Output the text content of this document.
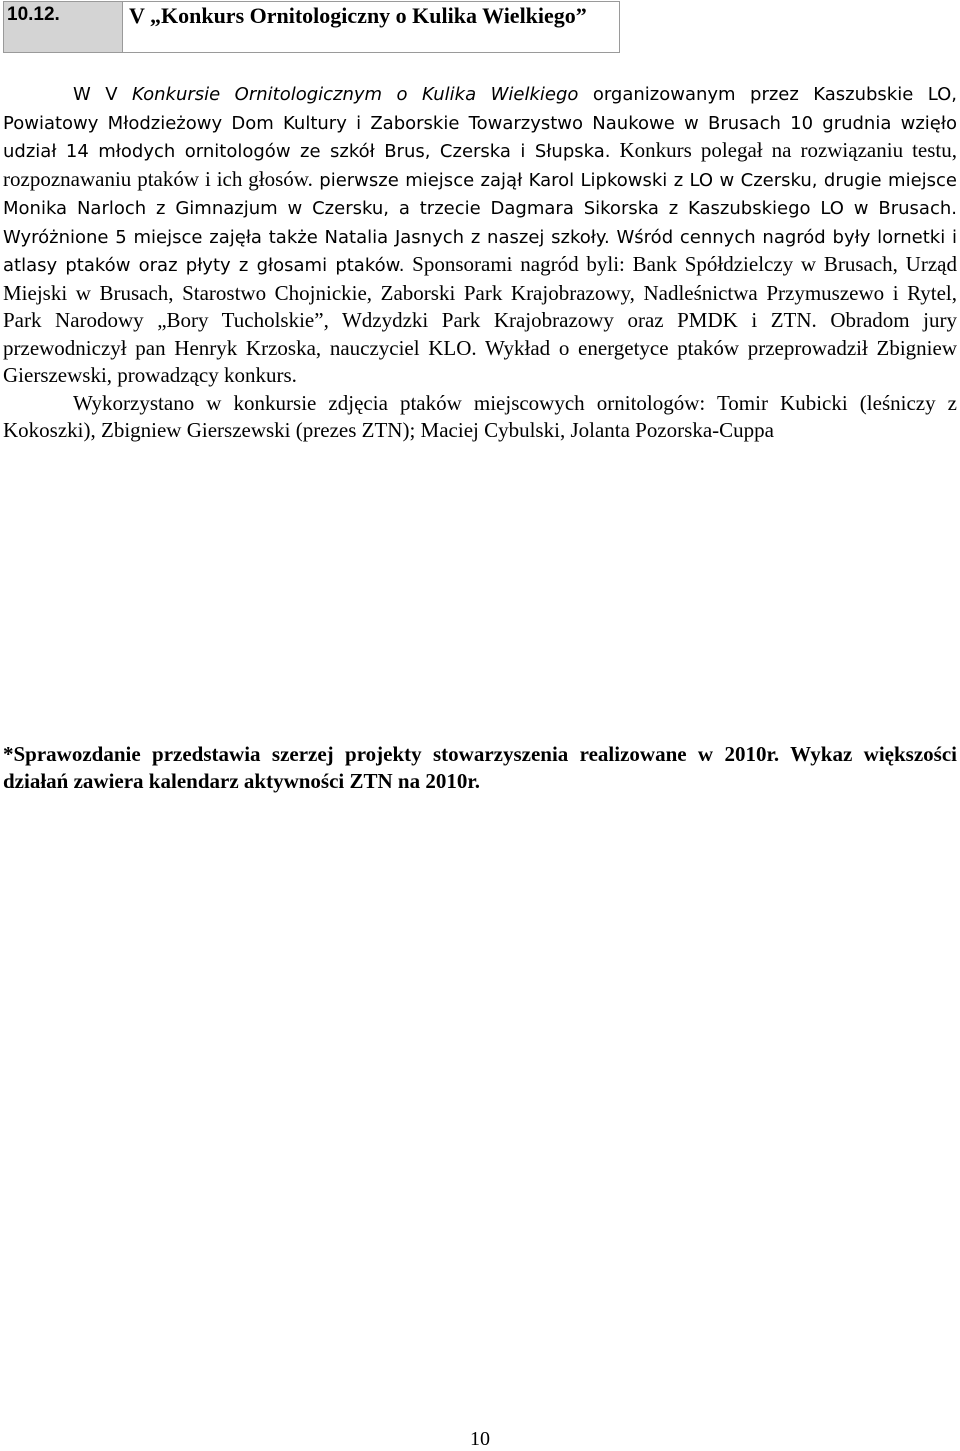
10.12.	V „Konkurs Ornitologiczny o Kulika Wielkiego”

W V Konkursie Ornitologicznym o Kulika Wielkiego organizowanym przez Kaszubskie LO, Powiatowy Młodzieżowy Dom Kultury i Zaborskie Towarzystwo Naukowe w Brusach 10 grudnia wzięło udział 14 młodych ornitologów ze szkół Brus, Czerska i Słupska. Konkurs polegał na rozwiązaniu testu, rozpoznawaniu ptaków i ich głosów. pierwsze miejsce zajął Karol Lipkowski z LO w Czersku, drugie miejsce Monika Narloch z Gimnazjum w Czersku, a trzecie Dagmara Sikorska z Kaszubskiego LO w Brusach. Wyróżnione 5 miejsce zajęła także Natalia Jasnych z naszej szkoły. Wśród cennych nagród były lornetki i atlasy ptaków oraz płyty z głosami ptaków. Sponsorami nagród byli: Bank Spółdzielczy w Brusach, Urząd Miejski w Brusach, Starostwo Chojnickie, Zaborski Park Krajobrazowy, Nadleśnictwa Przymuszewo i Rytel, Park Narodowy „Bory Tucholskie”, Wdzydzki Park Krajobrazowy oraz PMDK i ZTN. Obradom jury przewodniczył pan Henryk Krzoska, nauczyciel KLO. Wykład o energetyce ptaków przeprowadził Zbigniew Gierszewski, prowadzący konkurs.

Wykorzystano w konkursie zdjęcia ptaków miejscowych ornitologów: Tomir Kubicki (leśniczy z Kokoszki), Zbigniew Gierszewski (prezes ZTN); Maciej Cybulski, Jolanta Pozorska-Cuppa

*Sprawozdanie przedstawia szerzej projekty stowarzyszenia realizowane w 2010r. Wykaz większości działań zawiera kalendarz aktywności ZTN na 2010r.

10
